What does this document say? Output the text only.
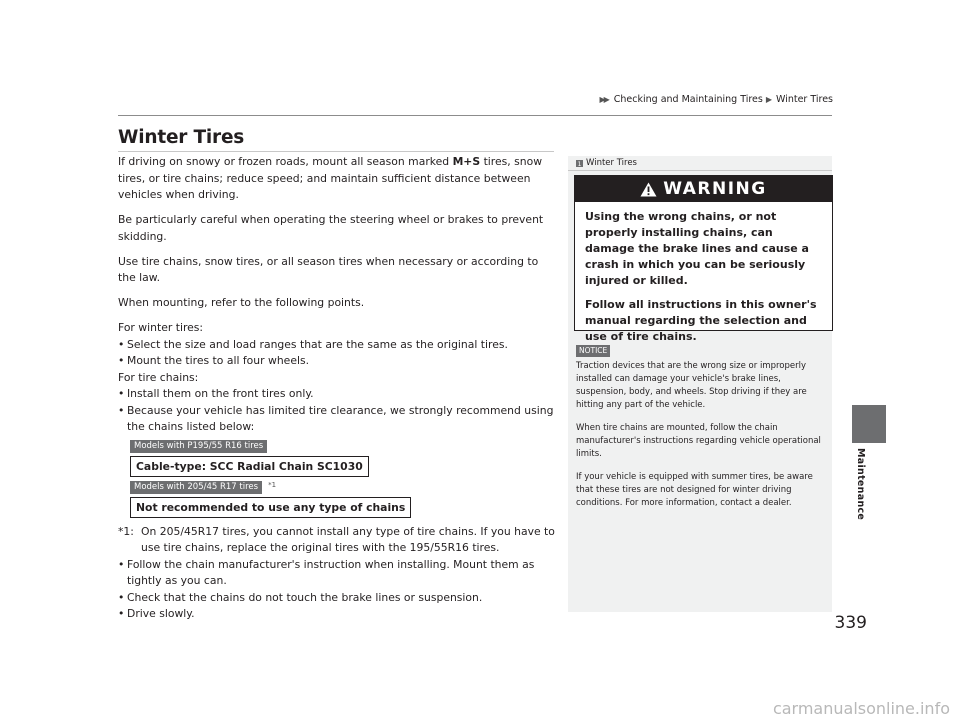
▶▶ Checking and Maintaining Tires ▶ Winter Tires
Winter Tires
Maintenance

If driving on snowy or frozen roads, mount all season marked M+S tires, snow tires, or tire chains; reduce speed; and maintain sufficient distance between vehicles when driving.

Be particularly careful when operating the steering wheel or brakes to prevent skidding.

Use tire chains, snow tires, or all season tires when necessary or according to the law.

When mounting, refer to the following points.

For winter tires:

• Select the size and load ranges that are the same as the original tires.
• Mount the tires to all four wheels.

For tire chains:

• Install them on the front tires only.
• Because your vehicle has limited tire clearance, we strongly recommend using the chains listed below:
Models with P195/55 R16 tires
Cable-type: SCC Radial Chain SC1030
Models with 205/45 R17 tires $^{*1}$
Not recommended to use any type of chains
*1: On 205/45R17 tires, you cannot install any type of tire chains. If you have to use tire chains, replace the original tires with the 195/55R16 tires.
• Follow the chain manufacturer's instruction when installing. Mount them as tightly as you can.
• Check that the chains do not touch the brake lines or suspension.
• Drive slowly.
1 Winter Tires
WARNING

Using the wrong chains, or not properly installing chains, can damage the brake lines and cause a crash in which you can be seriously injured or killed.

Follow all instructions in this owner's manual regarding the selection and use of tire chains.

NOTICE

Traction devices that are the wrong size or improperly installed can damage your vehicle's brake lines, suspension, body, and wheels. Stop driving if they are hitting any part of the vehicle.

When tire chains are mounted, follow the chain manufacturer's instructions regarding vehicle operational limits.

If your vehicle is equipped with summer tires, be aware that these tires are not designed for winter driving conditions. For more information, contact a dealer.

339
carmanualsonline.info
